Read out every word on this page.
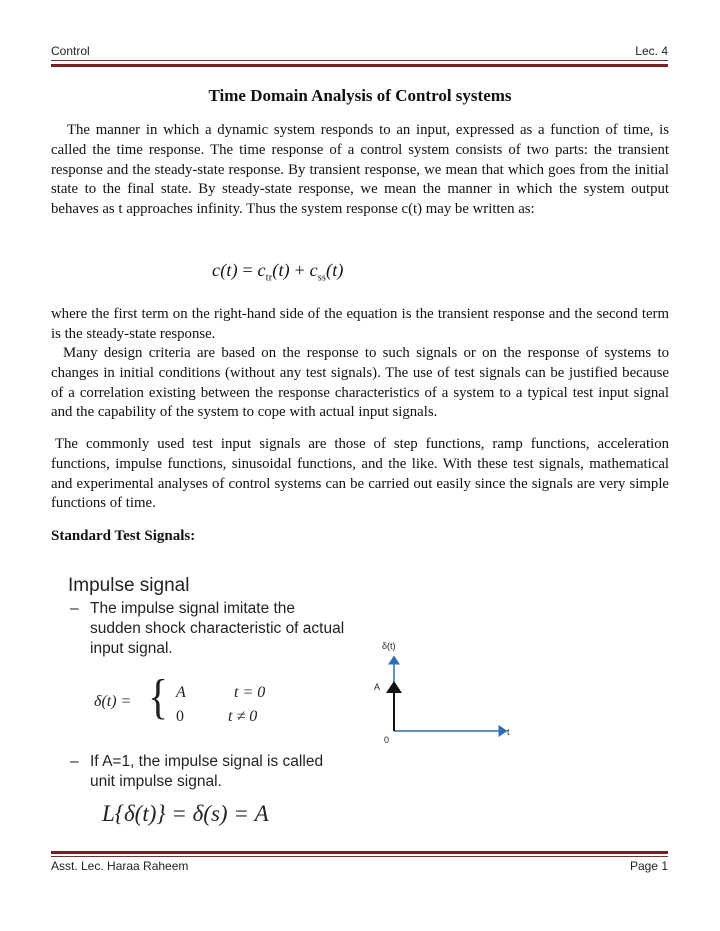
Control	Lec. 4
Time Domain Analysis of Control systems
The manner in which a dynamic system responds to an input, expressed as a function of time, is called the time response. The time response of a control system consists of two parts: the transient response and the steady-state response. By transient response, we mean that which goes from the initial state to the final state. By steady-state response, we mean the manner in which the system output behaves as t approaches infinity. Thus the system response c(t) may be written as:
$c(t) = c_{tr}(t) + c_{ss}(t)$
where the first term on the right-hand side of the equation is the transient response and the second term is the steady-state response.
Many design criteria are based on the response to such signals or on the response of systems to changes in initial conditions (without any test signals). The use of test signals can be justified because of a correlation existing between the response characteristics of a system to a typical test input signal and the capability of the system to cope with actual input signals.
The commonly used test input signals are those of step functions, ramp functions, acceleration functions, impulse functions, sinusoidal functions, and the like. With these test signals, mathematical and experimental analyses of control systems can be carried out easily since the signals are very simple functions of time.
Standard Test Signals:
Impulse signal
– The impulse signal imitate the sudden shock characteristic of actual input signal.
δ(t) = { A	t = 0
0	t ≠ 0
– If A=1, the impulse signal is called unit impulse signal.
L{δ(t)} = δ(s) = A
δ(t)
A
0
t
Asst. Lec. Haraa Raheem	Page 1
